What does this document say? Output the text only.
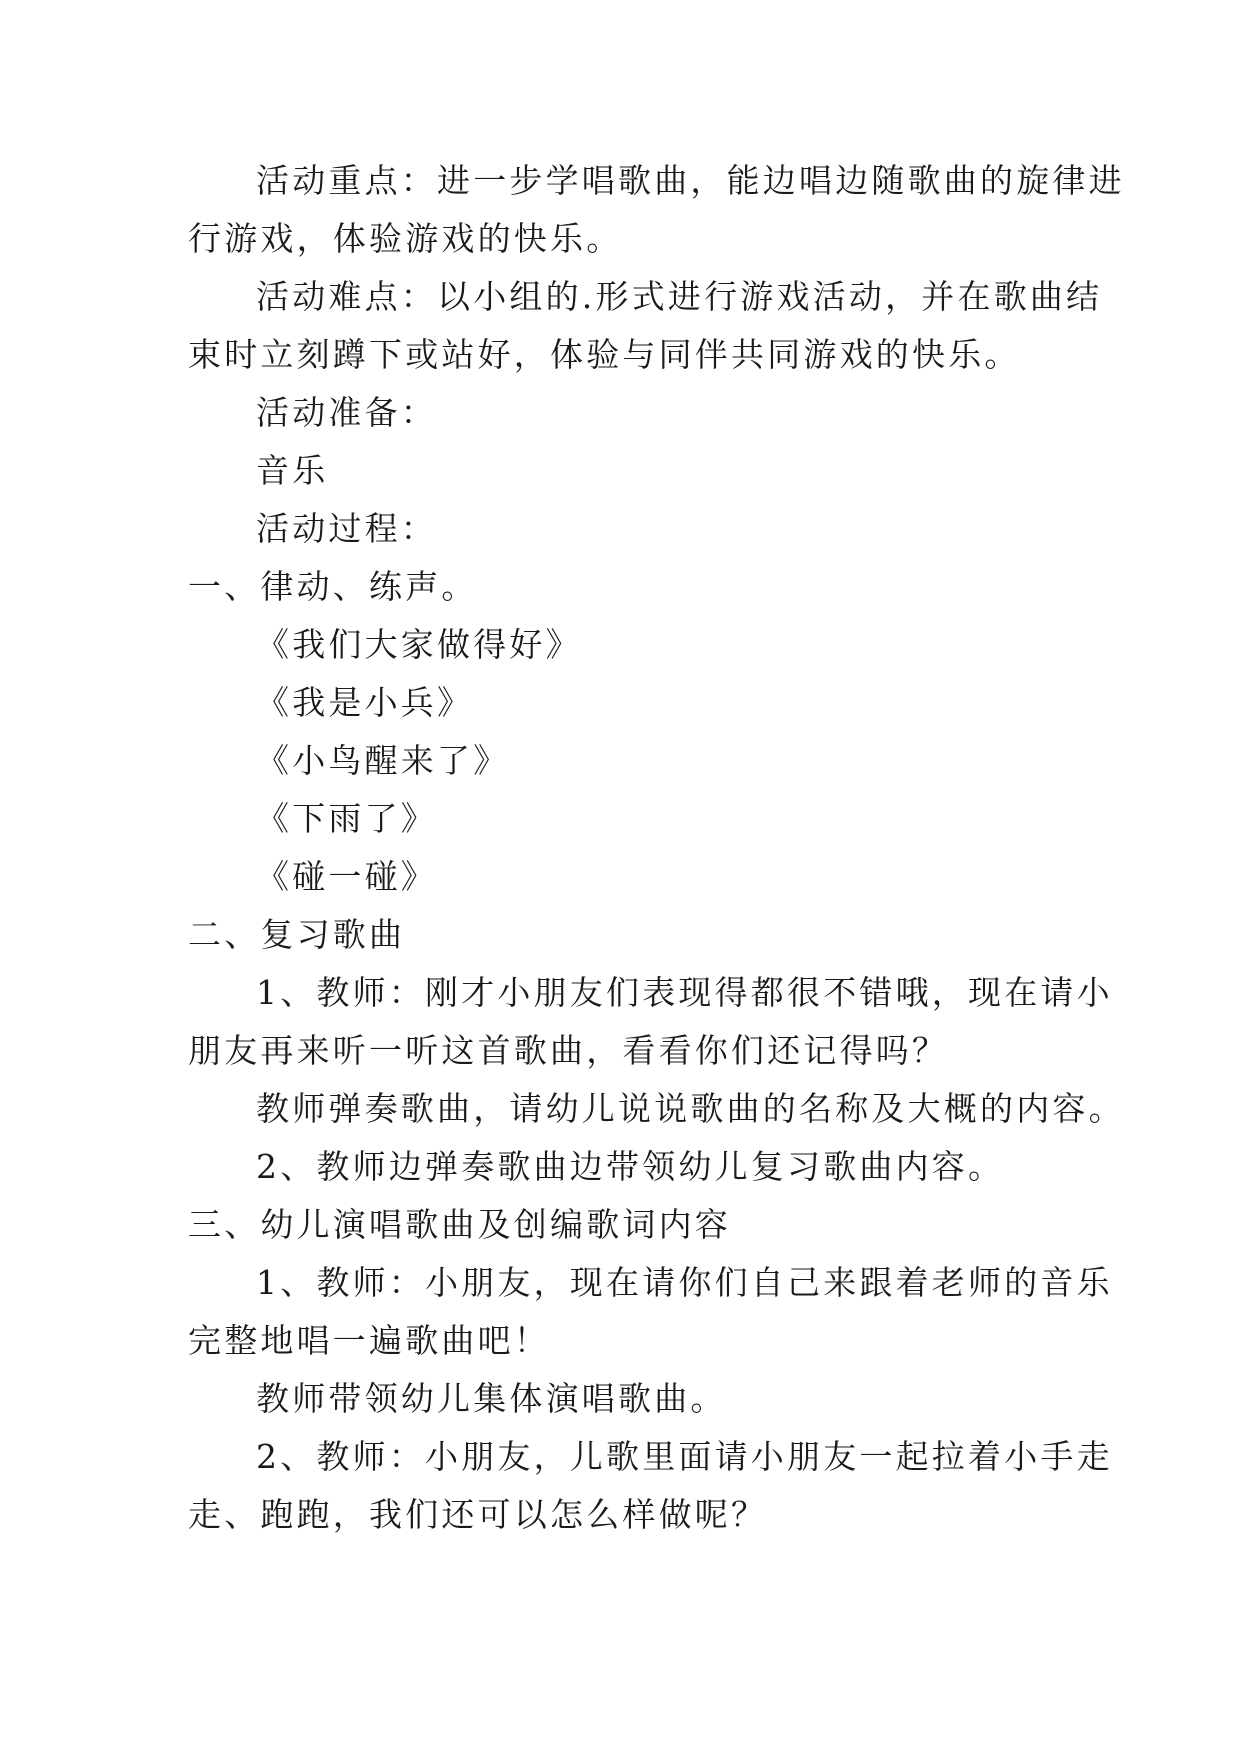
活动重点：进一步学唱歌曲，能边唱边随歌曲的旋律进
行游戏，体验游戏的快乐。
活动难点：以小组的.形式进行游戏活动，并在歌曲结
束时立刻蹲下或站好，体验与同伴共同游戏的快乐。
活动准备：
音乐
活动过程：
一、律动、练声。
《我们大家做得好》
《我是小兵》
《小鸟醒来了》
《下雨了》
《碰一碰》
二、复习歌曲
1、教师：刚才小朋友们表现得都很不错哦，现在请小
朋友再来听一听这首歌曲，看看你们还记得吗？
教师弹奏歌曲，请幼儿说说歌曲的名称及大概的内容。
2、教师边弹奏歌曲边带领幼儿复习歌曲内容。
三、幼儿演唱歌曲及创编歌词内容
1、教师：小朋友，现在请你们自己来跟着老师的音乐
完整地唱一遍歌曲吧！
教师带领幼儿集体演唱歌曲。
2、教师：小朋友，儿歌里面请小朋友一起拉着小手走
走、跑跑，我们还可以怎么样做呢？
